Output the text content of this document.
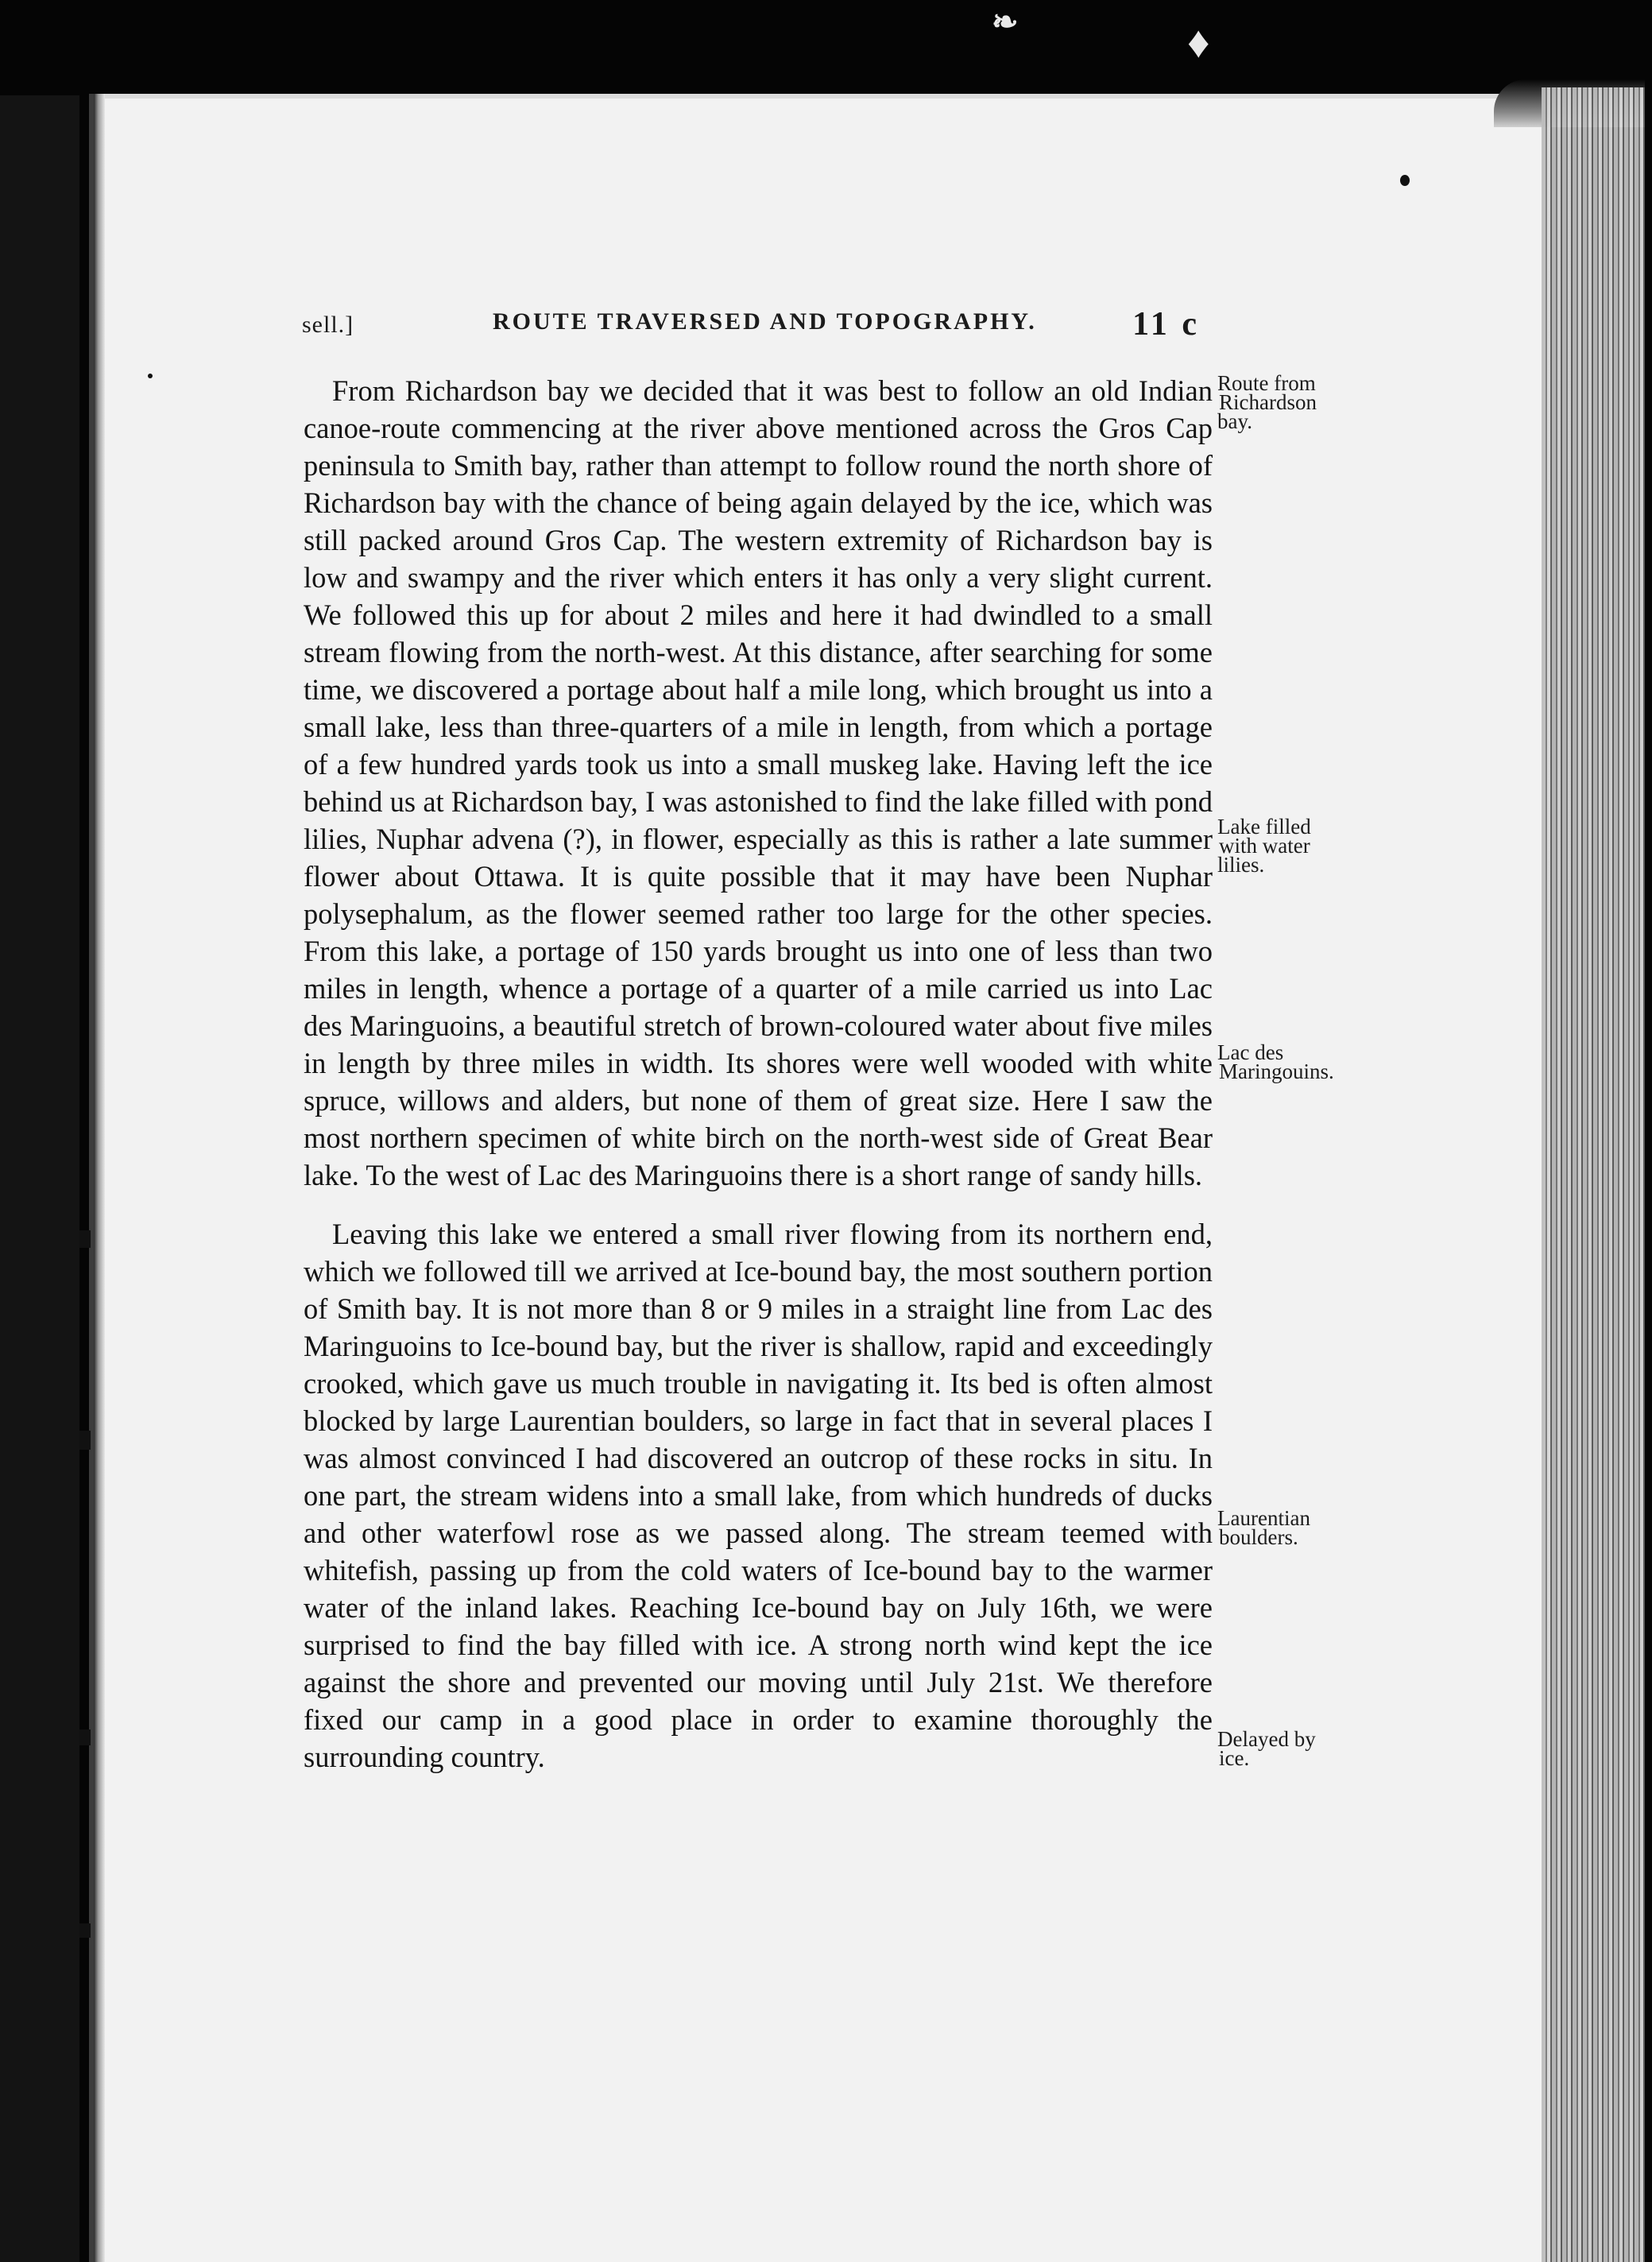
❧	♦
sell.]	ROUTE TRAVERSED AND TOPOGRAPHY.	11 c

From Richardson bay we decided that it was best to follow an old Indian canoe-route commencing at the river above mentioned across the Gros Cap peninsula to Smith bay, rather than attempt to follow round the north shore of Richardson bay with the chance of being again delayed by the ice, which was still packed around Gros Cap. The western extremity of Richardson bay is low and swampy and the river which enters it has only a very slight current. We followed this up for about 2 miles and here it had dwindled to a small stream flowing from the north-west. At this distance, after searching for some time, we discovered a portage about half a mile long, which brought us into a small lake, less than three-quarters of a mile in length, from which a portage of a few hundred yards took us into a small muskeg lake. Having left the ice behind us at Richardson bay, I was astonished to find the lake filled with pond lilies, Nuphar advena (?), in flower, especially as this is rather a late summer flower about Ottawa. It is quite possible that it may have been Nuphar polysephalum, as the flower seemed rather too large for the other species. From this lake, a portage of 150 yards brought us into one of less than two miles in length, whence a portage of a quarter of a mile carried us into Lac des Maringuoins, a beautiful stretch of brown-coloured water about five miles in length by three miles in width. Its shores were well wooded with white spruce, willows and alders, but none of them of great size. Here I saw the most northern specimen of white birch on the north-west side of Great Bear lake. To the west of Lac des Maringuoins there is a short range of sandy hills.

Leaving this lake we entered a small river flowing from its northern end, which we followed till we arrived at Ice-bound bay, the most southern portion of Smith bay. It is not more than 8 or 9 miles in a straight line from Lac des Maringuoins to Ice-bound bay, but the river is shallow, rapid and exceedingly crooked, which gave us much trouble in navigating it. Its bed is often almost blocked by large Laurentian boulders, so large in fact that in several places I was almost convinced I had discovered an outcrop of these rocks in situ. In one part, the stream widens into a small lake, from which hundreds of ducks and other waterfowl rose as we passed along. The stream teemed with whitefish, passing up from the cold waters of Ice-bound bay to the warmer water of the inland lakes. Reaching Ice-bound bay on July 16th, we were surprised to find the bay filled with ice. A strong north wind kept the ice against the shore and prevented our moving until July 21st. We therefore fixed our camp in a good place in order to examine thoroughly the surrounding country.

Route from
Richardson
bay.
Lake filled
with water
lilies.
Lac des
Maringouins.
Laurentian
boulders.
Delayed by
ice.
